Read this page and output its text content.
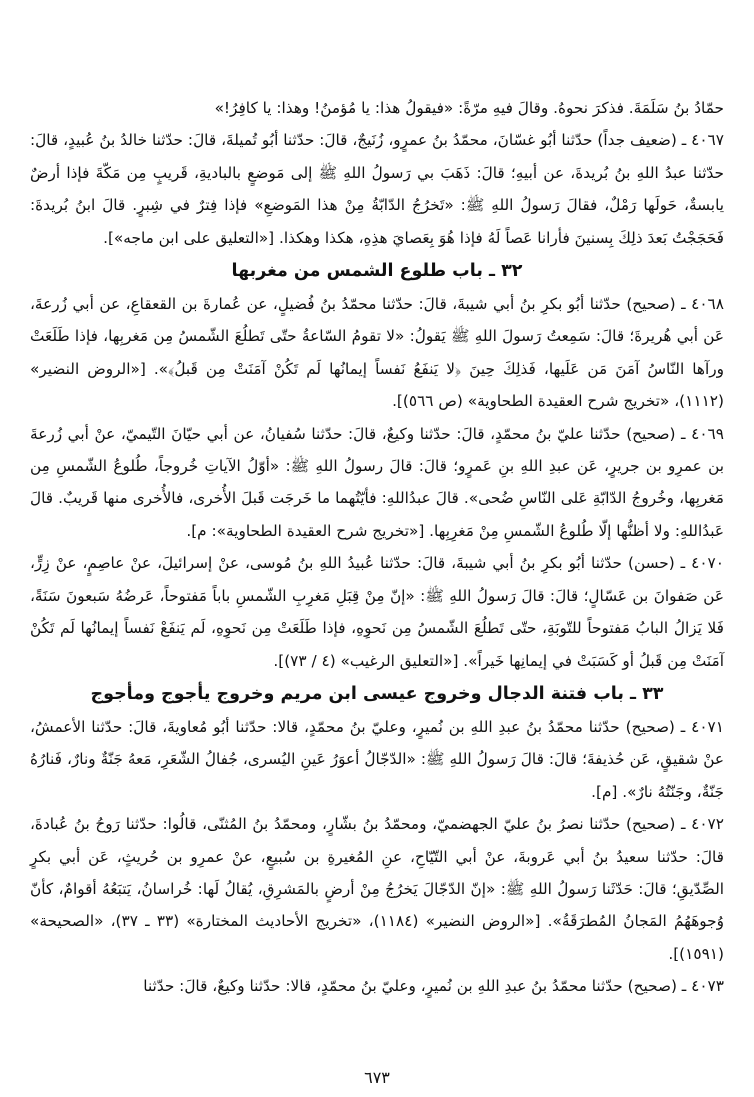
حمّادُ بنُ سَلَمَةَ. فذكرَ نحوهُ. وقالَ فيهِ مرّةً: «فيقولُ هذا: يا مُؤمنُ! وهذا: يا كافِرُ!»

٤٠٦٧ ـ (ضعيف جداً) حدّثنا أبُو غسّانَ، محمّدُ بنُ عمرٍو، زُنَيجٌ، قالَ: حدّثنا أبُو تُميلةَ، قالَ: حدّثنا خالدُ بنُ عُبيدٍ، قالَ: حدّثنا عبدُ اللهِ بنُ بُريدةَ، عن أبيهِ؛ قالَ: ذَهَبَ بي رَسولُ اللهِ ﷺ إلى مَوضعٍ بالباديةِ، قَريبٍ مِن مَكّةَ فإذا أرضٌ يابسةٌ، حَولَها رَمْلٌ، فقالَ رَسولُ اللهِ ﷺ: «تَخرُجُ الدّابّةُ مِنْ هذا المَوضعِ» فإذا فِترٌ في شِبرٍ. قالَ ابنُ بُريدةَ: فَحَجَجْتُ بَعدَ ذلِكَ بِسنينَ فأرانا عَصاً لَهُ فإذا هُوَ بِعَصايَ هذِهِ، هكذا وهكذا. [«التعليق على ابن ماجه»].

٣٢ ـ باب طلوع الشمس من مغربها

٤٠٦٨ ـ (صحيح) حدّثنا أبُو بكرِ بنُ أبي شيبةَ، قالَ: حدّثنا محمّدُ بنُ فُضيلٍ، عن عُمارةَ بن القعقاعِ، عن أبي زُرعةَ، عَن أبي هُريرةَ؛ قالَ: سَمِعتُ رَسولَ اللهِ ﷺ يَقولُ: «لا تقومُ السّاعةُ حتّى تَطلُعَ الشّمسُ مِن مَغربِها، فإذا طَلَعَتْ ورآها النّاسُ آمَنَ مَن عَلَيها، فَذلِكَ حِينَ ﴿لا يَنفَعُ نَفساً إيمانُها لَم تَكُنْ آمَنَتْ مِن قَبلُ﴾». [«الروض النضير» (١١١٢)، «تخريج شرح العقيدة الطحاوية» (ص ٥٦٦)].

٤٠٦٩ ـ (صحيح) حدّثنا عليّ بنُ محمّدٍ، قالَ: حدّثنا وكيعٌ، قالَ: حدّثنا سُفيانُ، عن أبي حيّانَ التّيميّ، عنْ أبي زُرعةَ بن عمرِو بن جريرٍ، عَن عبدِ اللهِ بنِ عَمرٍو؛ قالَ: قالَ رسولُ اللهِ ﷺ: «أوّلُ الآياتِ خُروجاً، طُلوعُ الشّمسِ مِن مَغربِها، وخُروجُ الدّابّةِ عَلى النّاسِ ضُحى». قالَ عبدُاللهِ: فأيّتُهما ما خَرجَت قَبلَ الأُخرى، فالأُخرى منها قَريبٌ. قالَ عَبدُاللهِ: ولا أظنُّها إلّا طُلوعُ الشّمسِ مِنْ مَغرِبِها. [«تخريج شرح العقيدة الطحاوية»: م].

٤٠٧٠ ـ (حسن) حدّثنا أبُو بكرِ بنُ أبي شيبةَ، قالَ: حدّثنا عُبيدُ اللهِ بنُ مُوسى، عنْ إسرائيلَ، عنْ عاصِمٍ، عنْ زِرٍّ، عَن صَفوانَ بن عَسّالٍ؛ قالَ: قالَ رَسولُ اللهِ ﷺ: «إنّ مِنْ قِبَلِ مَغرِبِ الشّمسِ باباً مَفتوحاً، عَرضُهُ سَبعونَ سَنَةً، فَلا يَزالُ البابُ مَفتوحاً للتّوبَةِ، حتّى تَطلُعَ الشّمسُ مِن نَحوِهِ، فإذا طَلَعَتْ مِن نَحوِهِ، لَم يَنفَعْ نَفساً إيمانُها لَم تَكُنْ آمَنَتْ مِن قَبلُ أو كَسَبَتْ في إيمانِها خَيراً». [«التعليق الرغيب» (٤ / ٧٣)].

٣٣ ـ باب فتنة الدجال وخروج عيسى ابن مريم وخروج يأجوج ومأجوج

٤٠٧١ ـ (صحيح) حدّثنا محمّدُ بنُ عبدِ اللهِ بن نُميرٍ، وعليّ بنُ محمّدٍ، قالا: حدّثنا أبُو مُعاويةَ، قالَ: حدّثنا الأعمشُ، عنْ شقيقٍ، عَن حُذيفةَ؛ قالَ: قالَ رَسولُ اللهِ ﷺ: «الدّجّالُ أعوَرُ عَينِ اليُسرى، جُفالُ الشّعَرِ، مَعهُ جَنّةٌ ونارٌ، فَنارُهُ جَنّةٌ، وجَنّتُهُ نارٌ». [م].

٤٠٧٢ ـ (صحيح) حدّثنا نصرُ بنُ عليّ الجهضميّ، ومحمّدُ بنُ بشّارٍ، ومحمّدُ بنُ المُثنّى، قالُوا: حدّثنا رَوحُ بنُ عُبادةَ، قالَ: حدّثنا سعيدُ بنُ أبي عَروبةَ، عنْ أبي التّيّاحِ، عنِ المُغيرةِ بن سُبيعٍ، عنْ عمرِو بن حُريثٍ، عَن أبي بكرٍ الصِّدّيقِ؛ قالَ: حَدّثَنا رَسولُ اللهِ ﷺ: «إنّ الدّجّالَ يَخرُجُ مِنْ أرضٍ بالمَشرِقِ، يُقالُ لَها: خُراسانُ، يَتبَعُهُ أقوامٌ، كأنّ وُجوهَهُمُ المَجانُ المُطرَقَةُ». [«الروض النضير» (١١٨٤)، «تخريج الأحاديث المختارة» (٣٣ ـ ٣٧)، «الصحيحة» (١٥٩١)].

٤٠٧٣ ـ (صحيح) حدّثنا محمّدُ بنُ عبدِ اللهِ بن نُميرٍ، وعليّ بنُ محمّدٍ، قالا: حدّثنا وكيعٌ، قالَ: حدّثنا

٦٧٣
